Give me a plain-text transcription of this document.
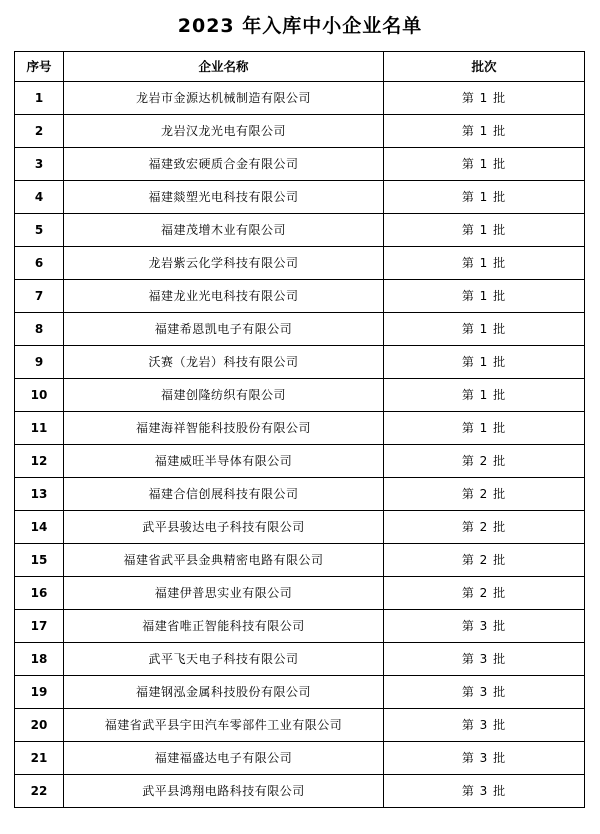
2023 年入库中小企业名单
序号	企业名称	批次
1	龙岩市金源达机械制造有限公司	第 1 批
2	龙岩汉龙光电有限公司	第 1 批
3	福建致宏硬质合金有限公司	第 1 批
4	福建燚塑光电科技有限公司	第 1 批
5	福建茂增木业有限公司	第 1 批
6	龙岩紫云化学科技有限公司	第 1 批
7	福建龙业光电科技有限公司	第 1 批
8	福建希恩凯电子有限公司	第 1 批
9	沃赛（龙岩）科技有限公司	第 1 批
10	福建创隆纺织有限公司	第 1 批
11	福建海祥智能科技股份有限公司	第 1 批
12	福建威旺半导体有限公司	第 2 批
13	福建合信创展科技有限公司	第 2 批
14	武平县骏达电子科技有限公司	第 2 批
15	福建省武平县金典精密电路有限公司	第 2 批
16	福建伊普思实业有限公司	第 2 批
17	福建省唯正智能科技有限公司	第 3 批
18	武平飞天电子科技有限公司	第 3 批
19	福建钢泓金属科技股份有限公司	第 3 批
20	福建省武平县宇田汽车零部件工业有限公司	第 3 批
21	福建福盛达电子有限公司	第 3 批
22	武平县鸿翔电路科技有限公司	第 3 批
